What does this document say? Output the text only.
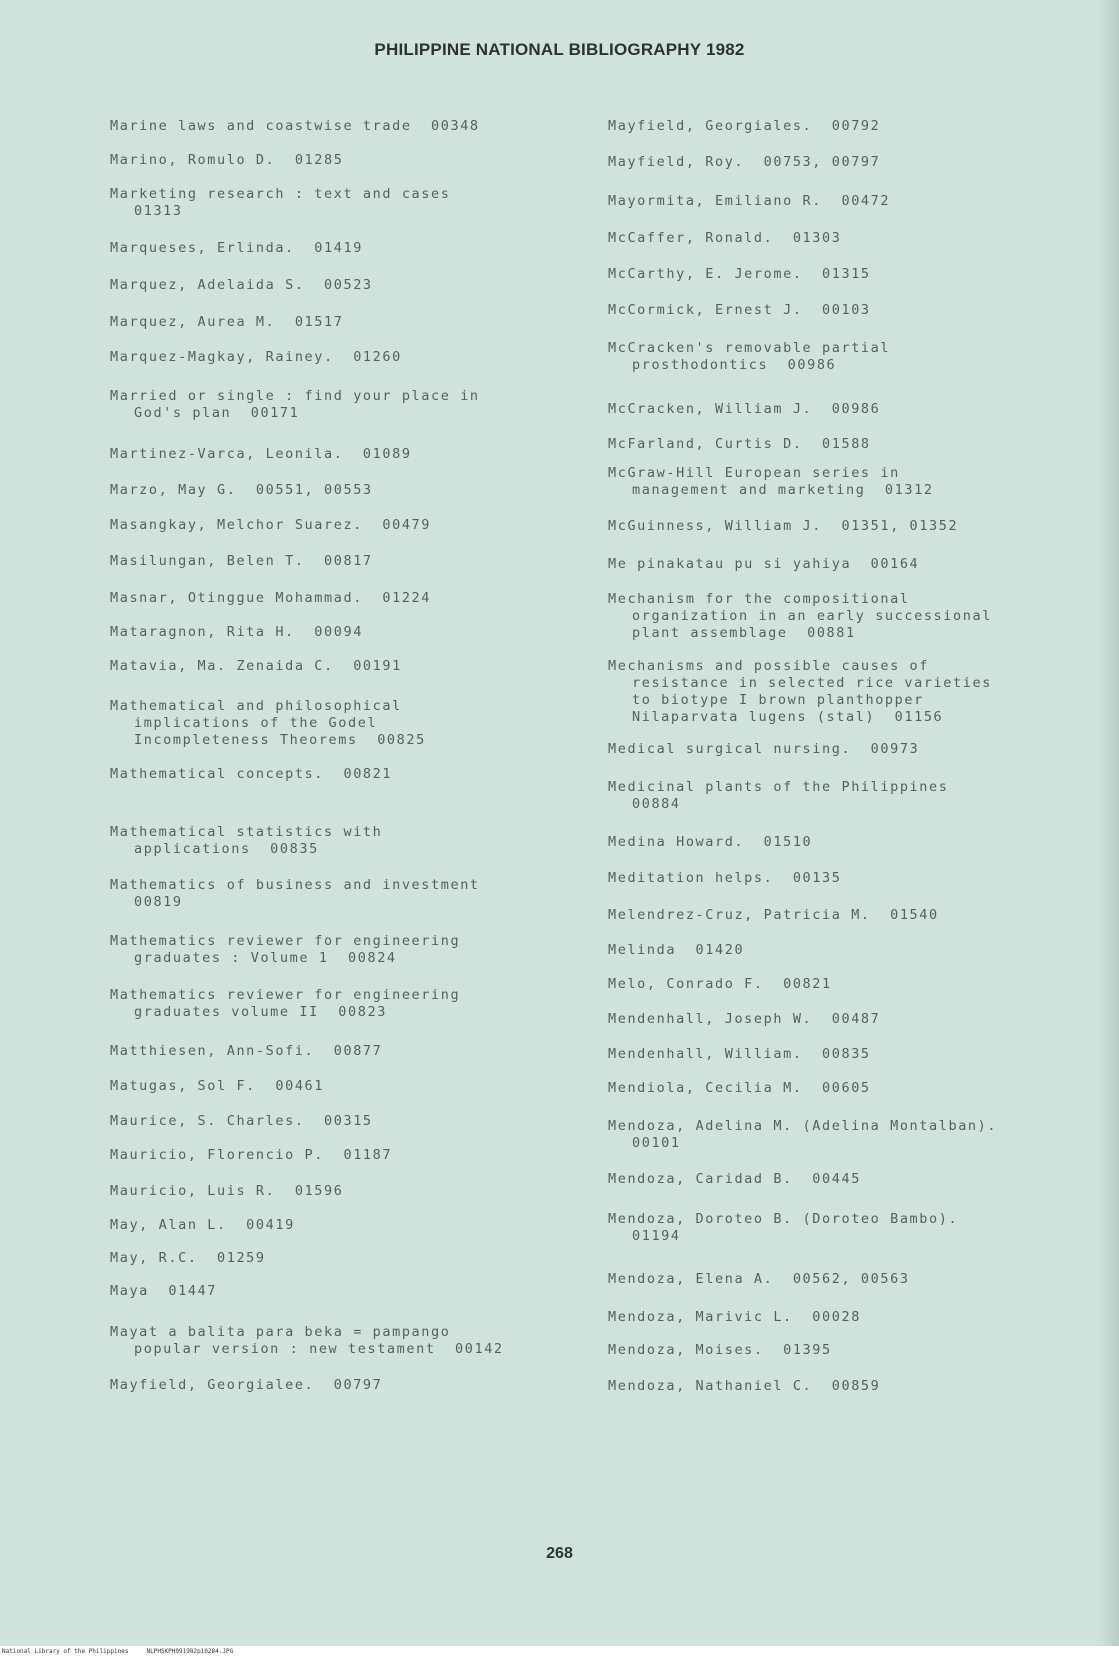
PHILIPPINE NATIONAL BIBLIOGRAPHY 1982
Marine laws and coastwise trade  00348
Marino, Romulo D.  01285
Marketing research : text and cases
01313
Marqueses, Erlinda.  01419
Marquez, Adelaida S.  00523
Marquez, Aurea M.  01517
Marquez-Magkay, Rainey.  01260
Married or single : find your place in
God's plan  00171
Martinez-Varca, Leonila.  01089
Marzo, May G.  00551, 00553
Masangkay, Melchor Suarez.  00479
Masilungan, Belen T.  00817
Masnar, Otinggue Mohammad.  01224
Mataragnon, Rita H.  00094
Matavia, Ma. Zenaida C.  00191
Mathematical and philosophical
implications of the Godel
Incompleteness Theorems  00825
Mathematical concepts.  00821
Mathematical statistics with
applications  00835
Mathematics of business and investment
00819
Mathematics reviewer for engineering
graduates : Volume 1  00824
Mathematics reviewer for engineering
graduates volume II  00823
Matthiesen, Ann-Sofi.  00877
Matugas, Sol F.  00461
Maurice, S. Charles.  00315
Mauricio, Florencio P.  01187
Mauricio, Luis R.  01596
May, Alan L.  00419
May, R.C.  01259
Maya  01447
Mayat a balita para beka = pampango
popular version : new testament  00142
Mayfield, Georgialee.  00797
Mayfield, Georgiales.  00792
Mayfield, Roy.  00753, 00797
Mayormita, Emiliano R.  00472
McCaffer, Ronald.  01303
McCarthy, E. Jerome.  01315
McCormick, Ernest J.  00103
McCracken's removable partial
prosthodontics  00986
McCracken, William J.  00986
McFarland, Curtis D.  01588
McGraw-Hill European series in
management and marketing  01312
McGuinness, William J.  01351, 01352
Me pinakatau pu si yahiya  00164
Mechanism for the compositional
organization in an early successional
plant assemblage  00881
Mechanisms and possible causes of
resistance in selected rice varieties
to biotype I brown planthopper
Nilaparvata lugens (stal)  01156
Medical surgical nursing.  00973
Medicinal plants of the Philippines
00884
Medina Howard.  01510
Meditation helps.  00135
Melendrez-Cruz, Patricia M.  01540
Melinda  01420
Melo, Conrado F.  00821
Mendenhall, Joseph W.  00487
Mendenhall, William.  00835
Mendiola, Cecilia M.  00605
Mendoza, Adelina M. (Adelina Montalban).
00101
Mendoza, Caridad B.  00445
Mendoza, Doroteo B. (Doroteo Bambo).
01194
Mendoza, Elena A.  00562, 00563
Mendoza, Marivic L.  00028
Mendoza, Moises.  01395
Mendoza, Nathaniel C.  00859
268
National Library of the Philippines     NLPHSKPH091982p10284.JPG
